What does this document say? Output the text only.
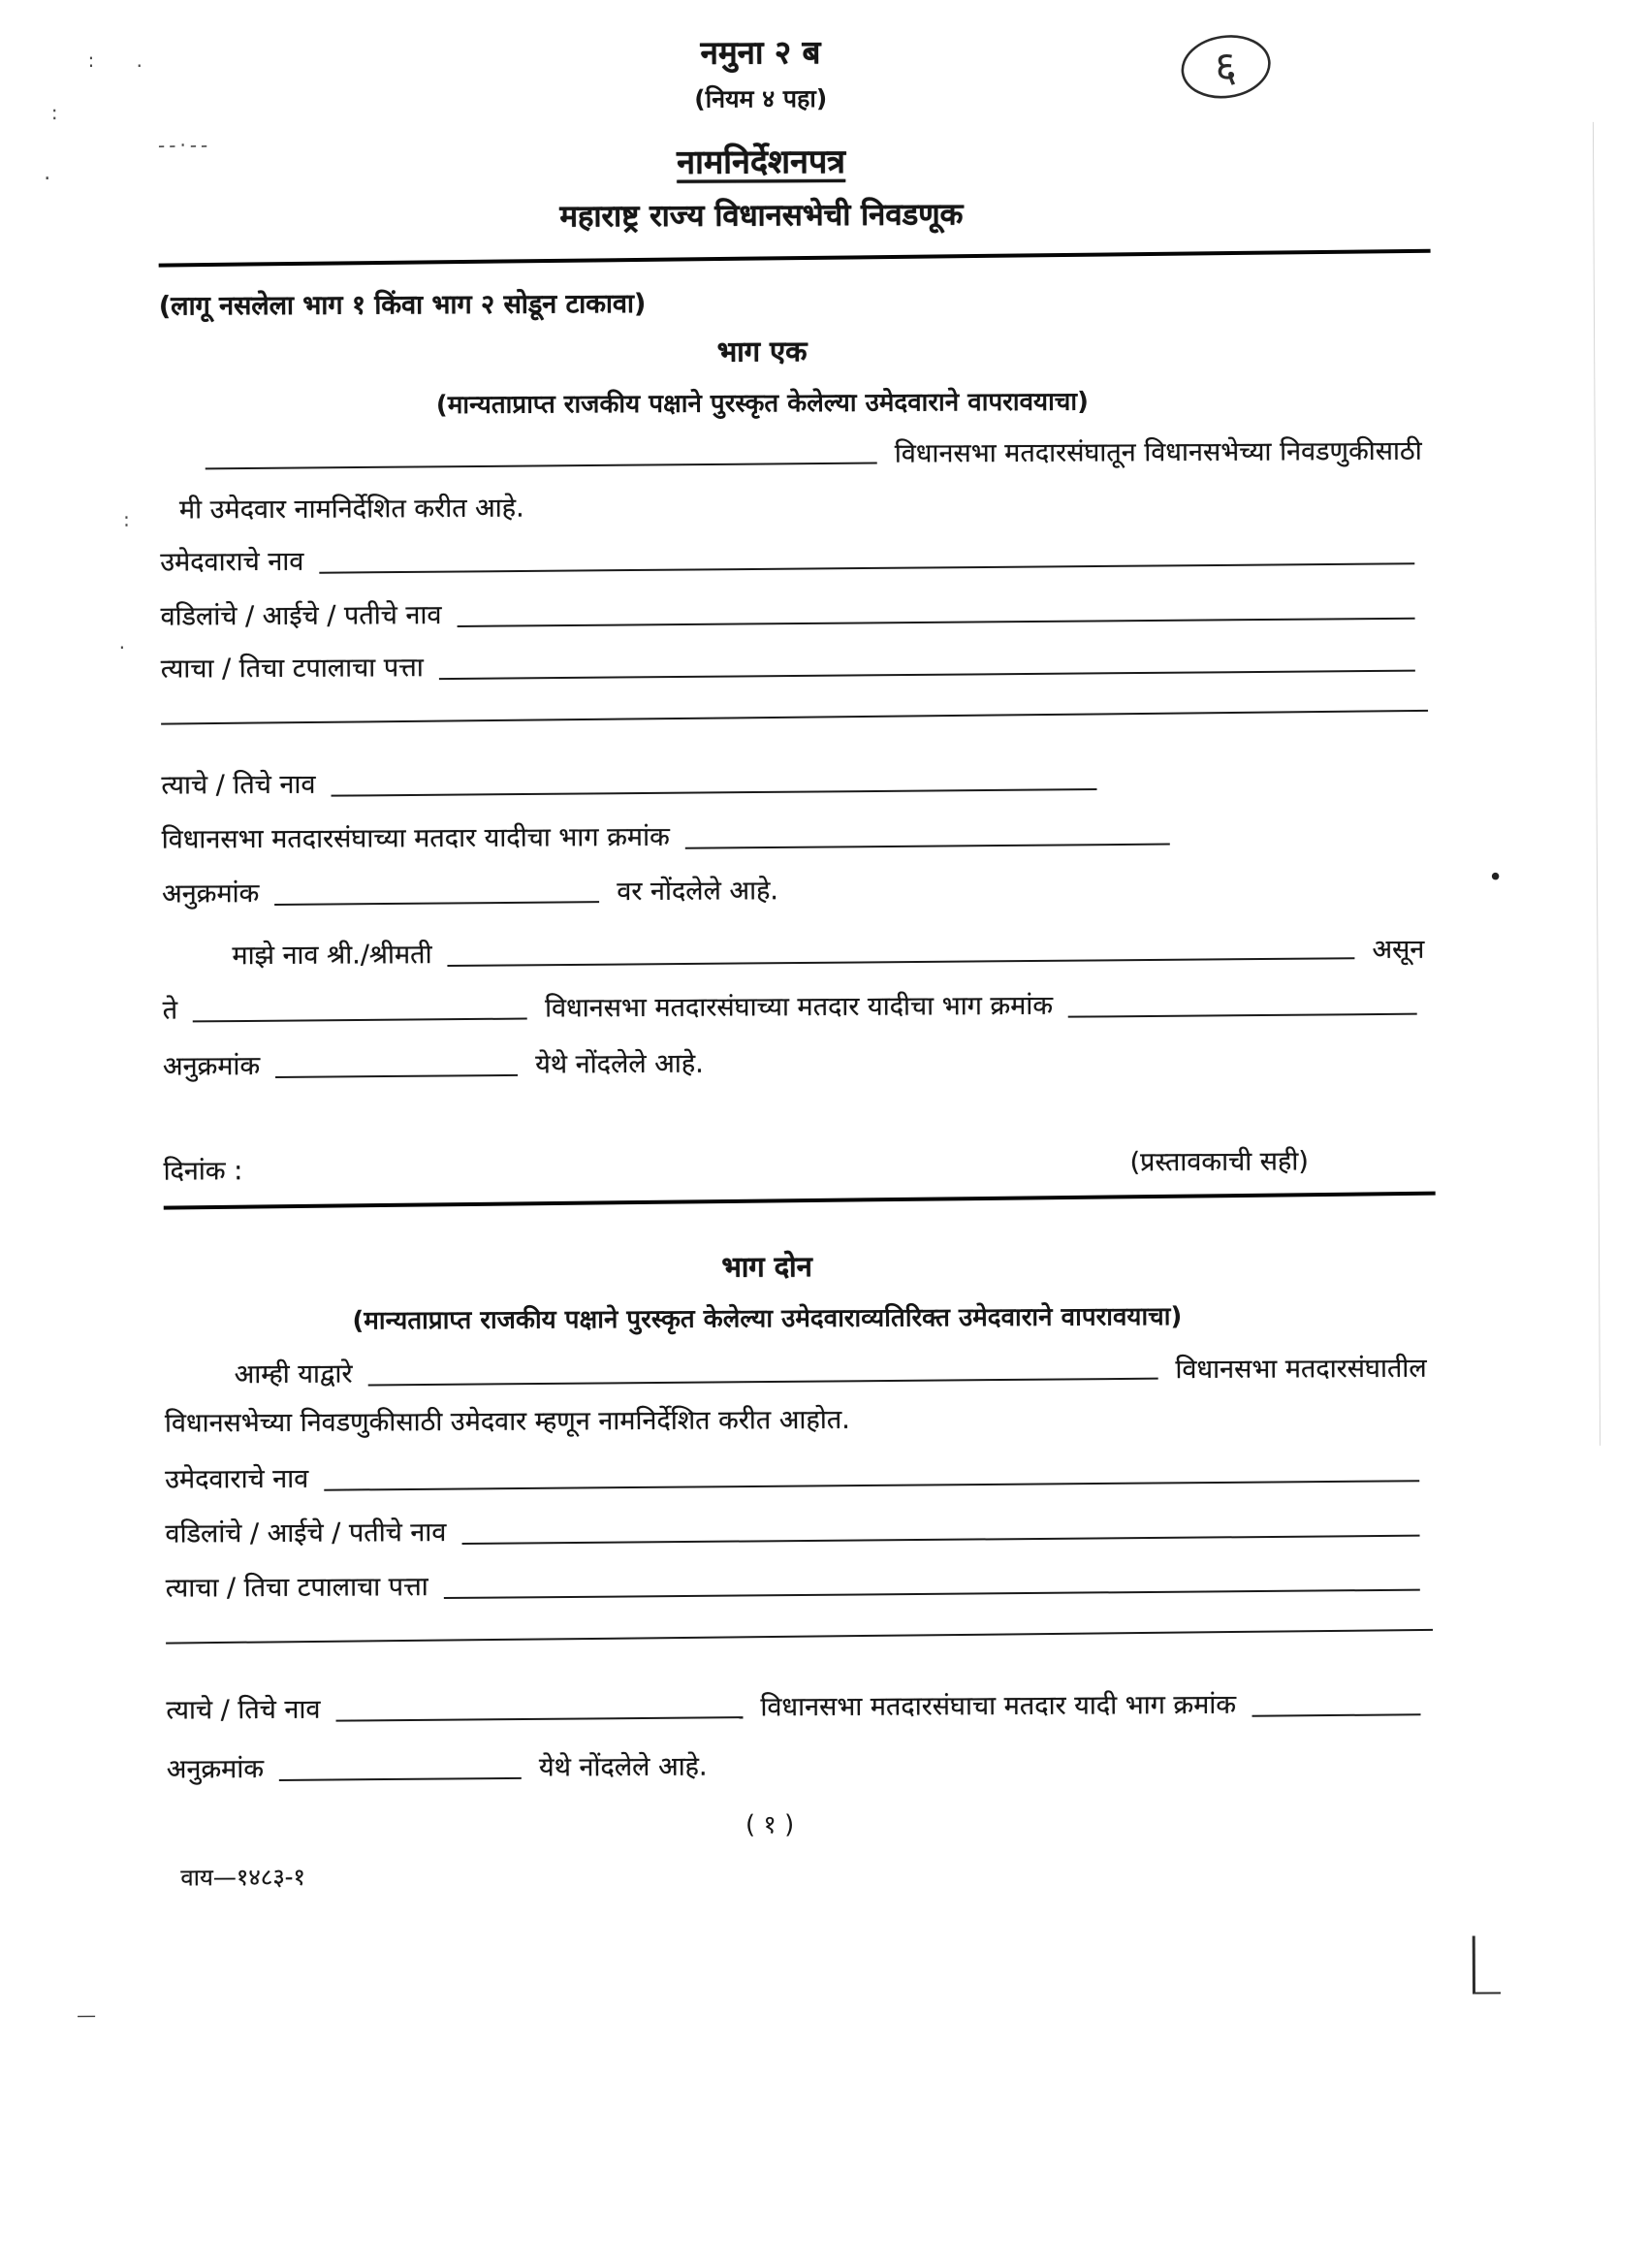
नमुना २ ब
(नियम ४ पहा)
नामनिर्देशनपत्र
महाराष्ट्र राज्य विधानसभेची निवडणूक
६
(लागू नसलेला भाग १ किंवा भाग २ सोडून टाकावा)
भाग एक
(मान्यताप्राप्त राजकीय पक्षाने पुरस्कृत केलेल्या उमेदवाराने वापरावयाचा)
विधानसभा मतदारसंघातून विधानसभेच्या निवडणुकीसाठी
मी उमेदवार नामनिर्देशित करीत आहे.
उमेदवाराचे नाव
वडिलांचे / आईचे / पतीचे नाव
त्याचा / तिचा टपालाचा पत्ता
त्याचे / तिचे नाव
विधानसभा मतदारसंघाच्या मतदार यादीचा भाग क्रमांक
अनुक्रमांक	वर नोंदलेले आहे.
माझे नाव श्री./श्रीमती	असून
ते	विधानसभा मतदारसंघाच्या मतदार यादीचा भाग क्रमांक
अनुक्रमांक	येथे नोंदलेले आहे.
दिनांक :	(प्रस्तावकाची सही)
भाग दोन
(मान्यताप्राप्त राजकीय पक्षाने पुरस्कृत केलेल्या उमेदवाराव्यतिरिक्त उमेदवाराने वापरावयाचा)
आम्ही याद्वारे	विधानसभा मतदारसंघातील
विधानसभेच्या निवडणुकीसाठी उमेदवार म्हणून नामनिर्देशित करीत आहोत.
उमेदवाराचे नाव
वडिलांचे / आईचे / पतीचे नाव
त्याचा / तिचा टपालाचा पत्ता
त्याचे / तिचे नाव	विधानसभा मतदारसंघाचा मतदार यादी भाग क्रमांक
अनुक्रमांक	येथे नोंदलेले आहे.
( १ )
वाय—१४८३-१
: ·
:
·
--·--
:
·
•
—
